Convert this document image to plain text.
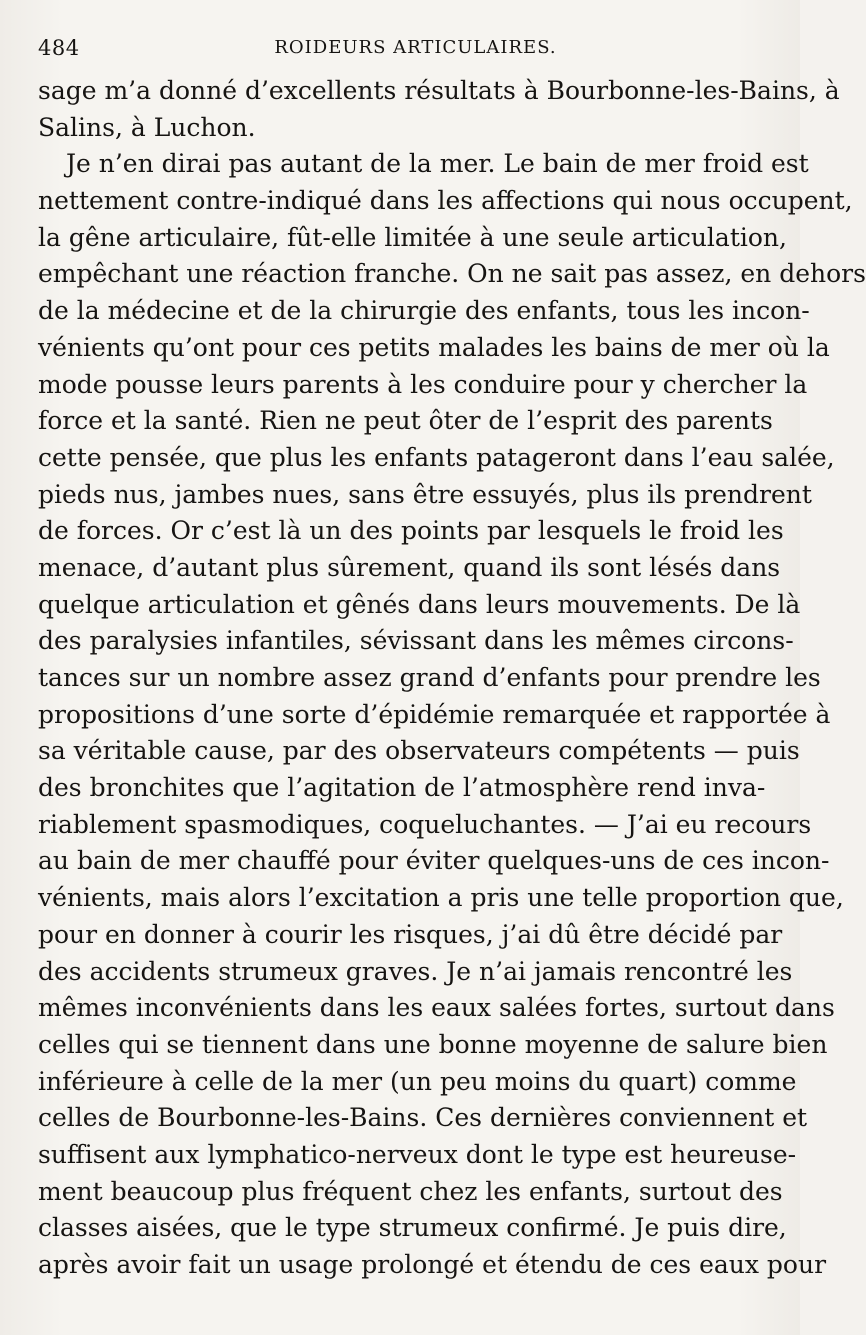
484	ROIDEURS ARTICULAIRES.
sage m’a donné d’excellents résultats à Bourbonne-les-Bains, à
Salins, à Luchon.
Je n’en dirai pas autant de la mer. Le bain de mer froid est
nettement contre-indiqué dans les affections qui nous occupent,
la gêne articulaire, fût-elle limitée à une seule articulation,
empêchant une réaction franche. On ne sait pas assez, en dehors
de la médecine et de la chirurgie des enfants, tous les incon-
vénients qu’ont pour ces petits malades les bains de mer où la
mode pousse leurs parents à les conduire pour y chercher la
force et la santé. Rien ne peut ôter de l’esprit des parents
cette pensée, que plus les enfants patageront dans l’eau salée,
pieds nus, jambes nues, sans être essuyés, plus ils prendrent
de forces. Or c’est là un des points par lesquels le froid les
menace, d’autant plus sûrement, quand ils sont lésés dans
quelque articulation et gênés dans leurs mouvements. De là
des paralysies infantiles, sévissant dans les mêmes circons-
tances sur un nombre assez grand d’enfants pour prendre les
propositions d’une sorte d’épidémie remarquée et rapportée à
sa véritable cause, par des observateurs compétents — puis
des bronchites que l’agitation de l’atmosphère rend inva-
riablement spasmodiques, coqueluchantes. — J’ai eu recours
au bain de mer chauffé pour éviter quelques-uns de ces incon-
vénients, mais alors l’excitation a pris une telle proportion que,
pour en donner à courir les risques, j’ai dû être décidé par
des accidents strumeux graves. Je n’ai jamais rencontré les
mêmes inconvénients dans les eaux salées fortes, surtout dans
celles qui se tiennent dans une bonne moyenne de salure bien
inférieure à celle de la mer (un peu moins du quart) comme
celles de Bourbonne-les-Bains. Ces dernières conviennent et
suffisent aux lymphatico-nerveux dont le type est heureuse-
ment beaucoup plus fréquent chez les enfants, surtout des
classes aisées, que le type strumeux confirmé. Je puis dire,
après avoir fait un usage prolongé et étendu de ces eaux pour
